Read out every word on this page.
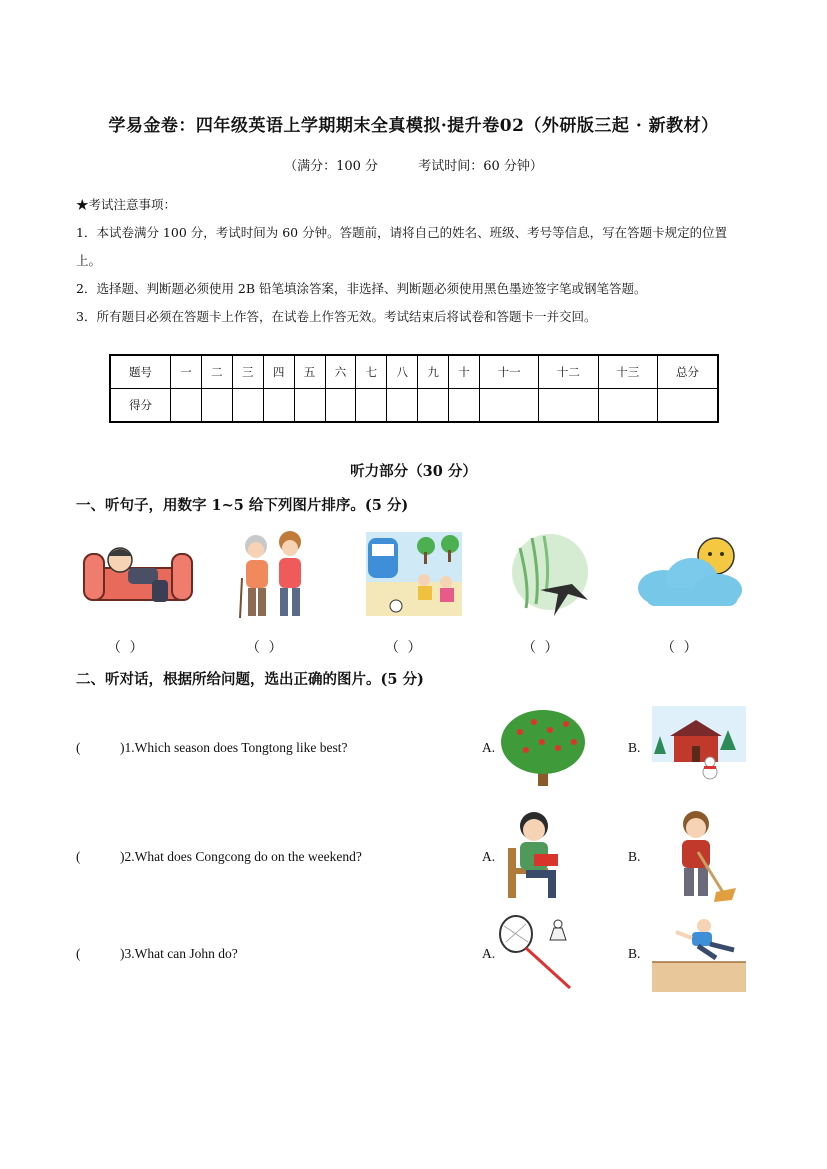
学易金卷：四年级英语上学期期末全真模拟·提升卷02（外研版三起 · 新教材）
（满分：100 分	考试时间：60 分钟）

★考试注意事项：

1．本试卷满分 100 分，考试时间为 60 分钟。答题前，请将自己的姓名、班级、考号等信息，写在答题卡规定的位置上。

2．选择题、判断题必须使用 2B 铅笔填涂答案，非选择、判断题必须使用黑色墨迹签字笔或钢笔答题。

3．所有题目必须在答题卡上作答，在试卷上作答无效。考试结束后将试卷和答题卡一并交回。

题号	一	二	三	四	五	六	七	八	九	十	十一	十二	十三	总分
得分														
听力部分（30 分）
一、听句子，用数字 1~5 给下列图片排序。(5 分)
（ ）	（ ）	（ ）	（ ）	（ ）
二、听对话，根据所给问题，选出正确的图片。(5 分)
(	)1.Which season does Tongtong like best?	A.	B.
(	)2.What does Congcong do on the weekend?	A.	B.
(	)3.What can John do?	A.	B.
